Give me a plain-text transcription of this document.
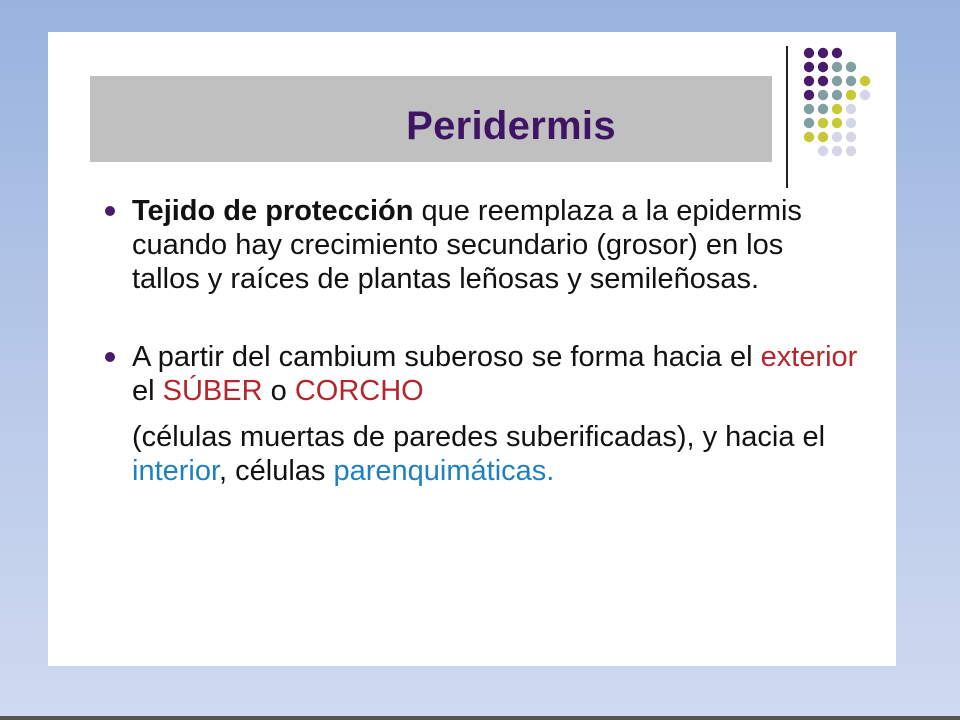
Peridermis
Tejido de protección que reemplaza a la epidermis cuando hay crecimiento secundario (grosor) en los tallos y raíces de plantas leñosas y semileñosas.
A partir del cambium suberoso se forma hacia el exterior el SÚBER o CORCHO
(células muertas de paredes suberificadas), y hacia el interior, células parenquimáticas.
